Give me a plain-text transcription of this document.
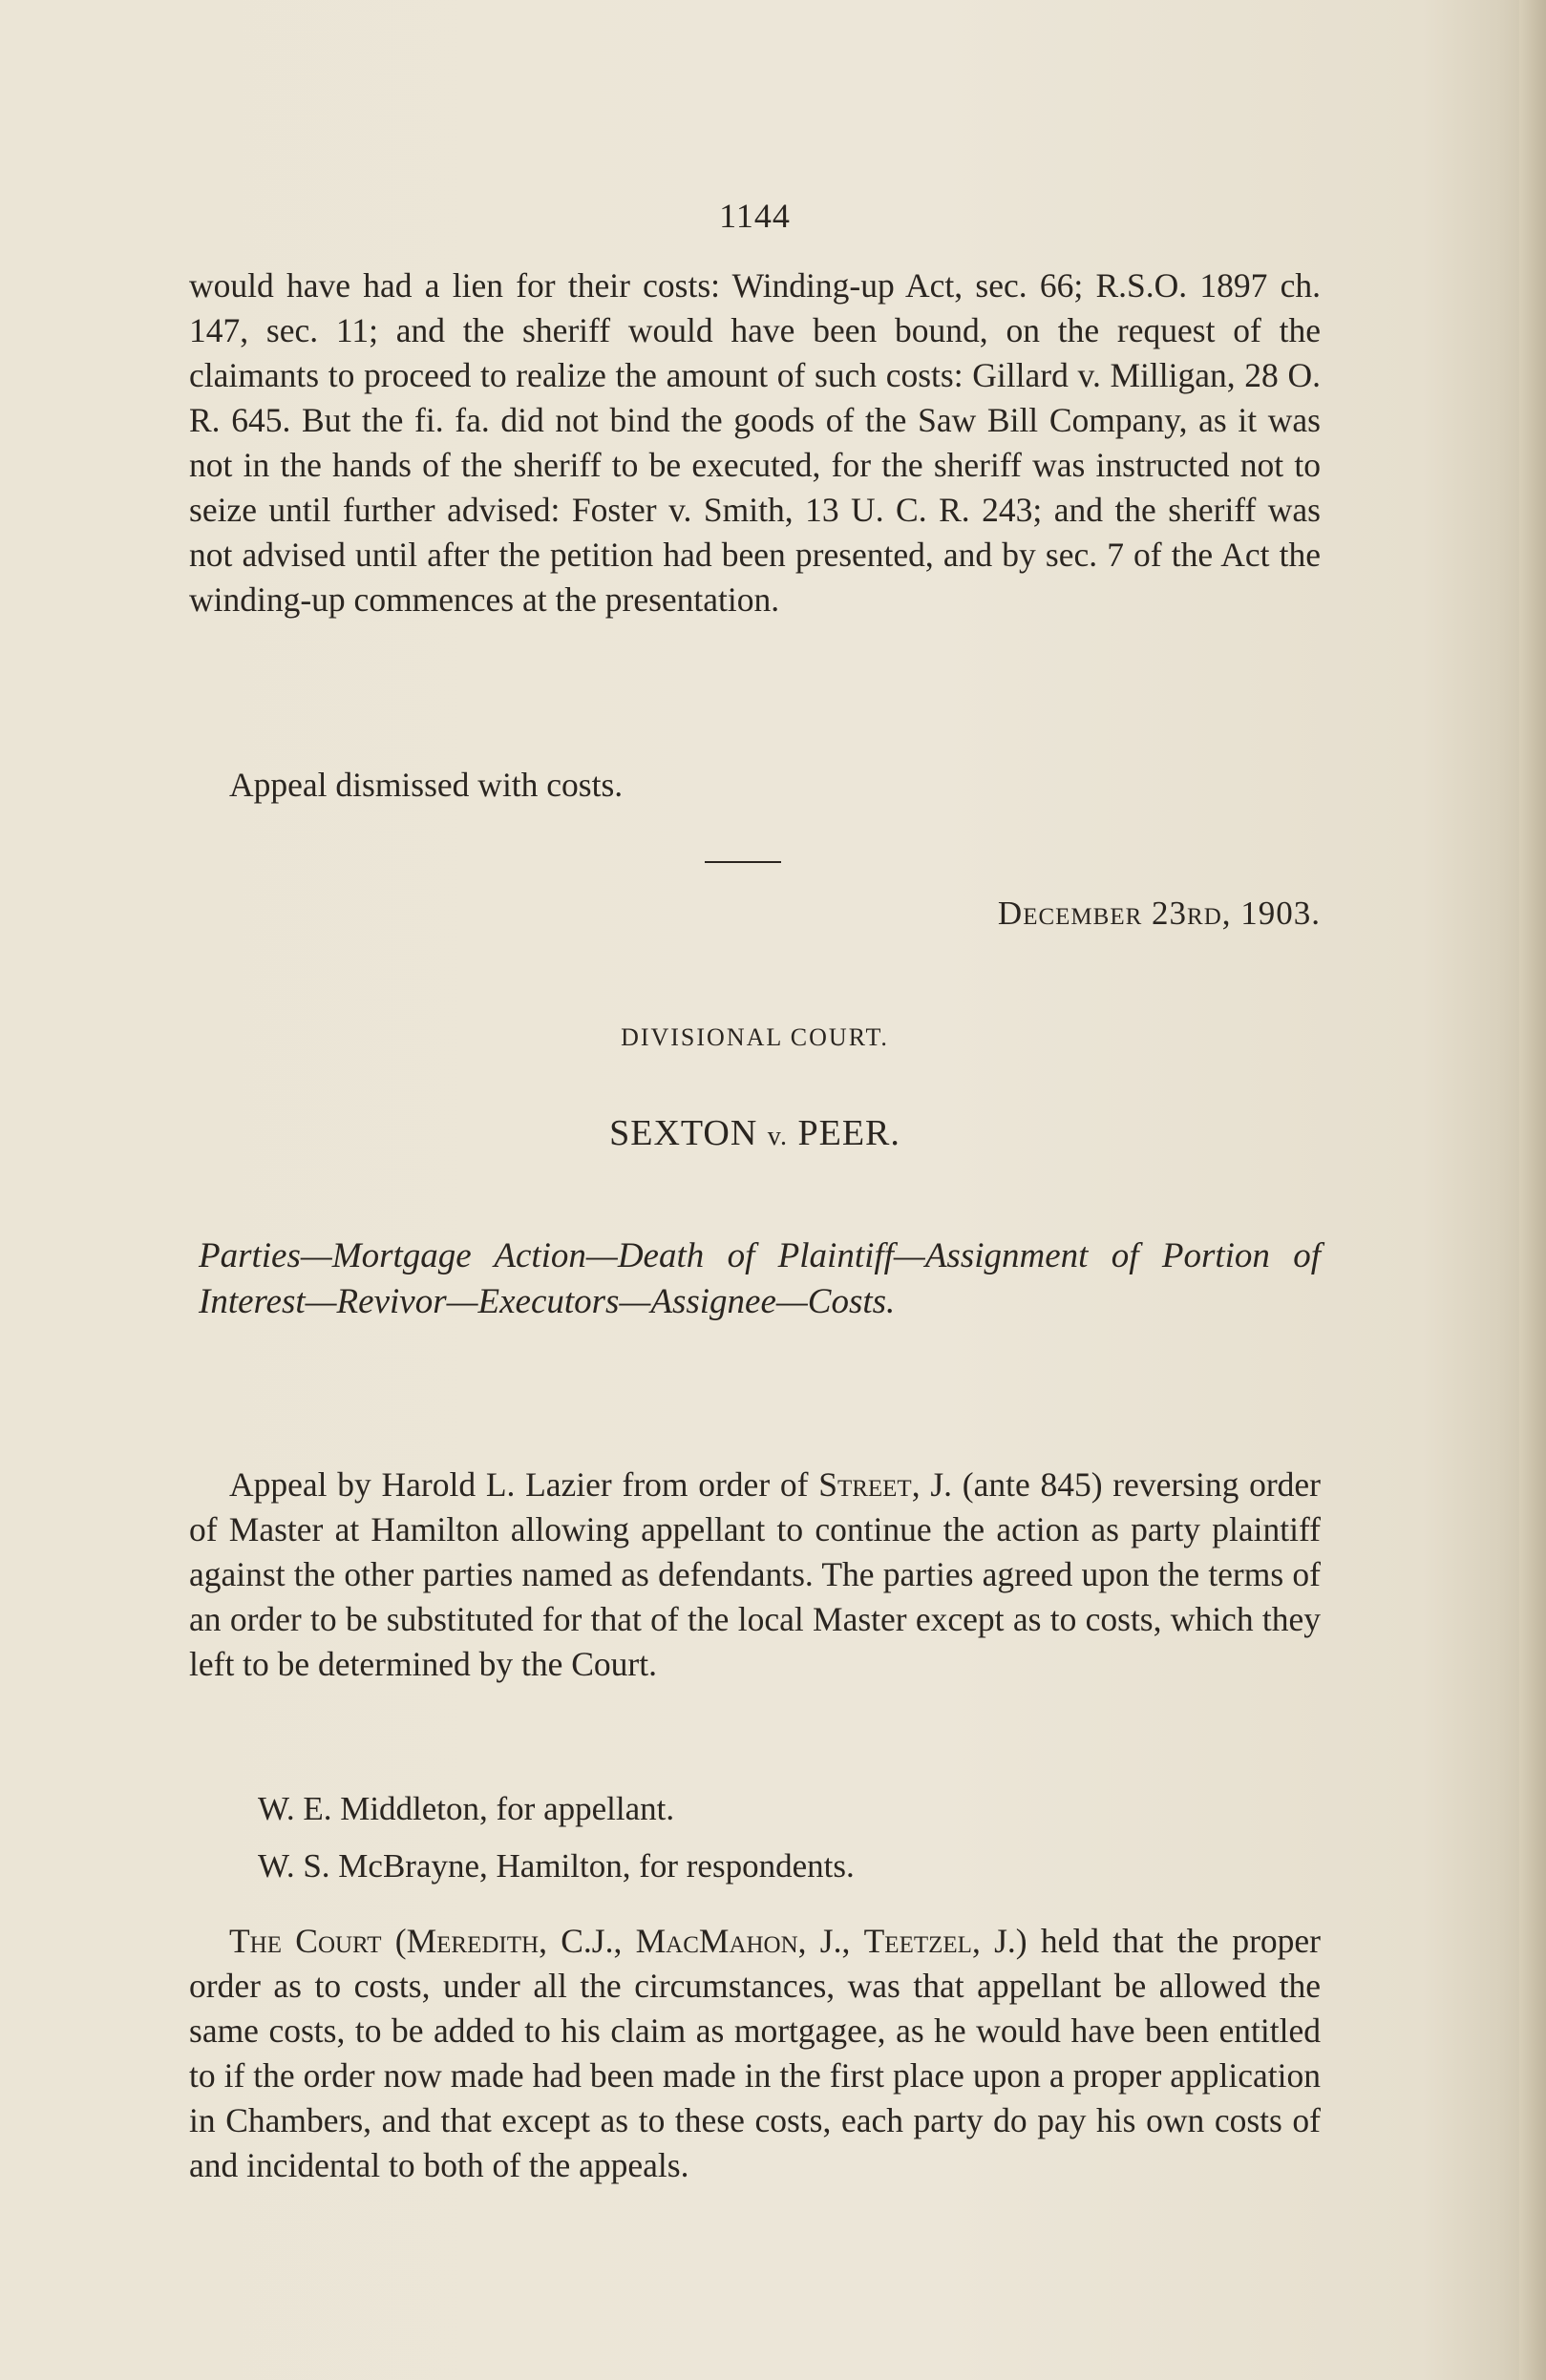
1144
would have had a lien for their costs: Winding-up Act, sec. 66; R.S.O. 1897 ch. 147, sec. 11; and the sheriff would have been bound, on the request of the claimants to proceed to realize the amount of such costs: Gillard v. Milligan, 28 O. R. 645. But the fi. fa. did not bind the goods of the Saw Bill Company, as it was not in the hands of the sheriff to be executed, for the sheriff was instructed not to seize until further advised: Foster v. Smith, 13 U. C. R. 243; and the sheriff was not advised until after the petition had been presented, and by sec. 7 of the Act the winding-up commences at the presentation.
Appeal dismissed with costs.
December 23rd, 1903.
DIVISIONAL COURT.
SEXTON v. PEER.
Parties—Mortgage Action—Death of Plaintiff—Assignment of Portion of Interest—Revivor—Executors—Assignee—Costs.
Appeal by Harold L. Lazier from order of Street, J. (ante 845) reversing order of Master at Hamilton allowing appellant to continue the action as party plaintiff against the other parties named as defendants. The parties agreed upon the terms of an order to be substituted for that of the local Master except as to costs, which they left to be determined by the Court.
W. E. Middleton, for appellant.
W. S. McBrayne, Hamilton, for respondents.
The Court (Meredith, C.J., MacMahon, J., Teetzel, J.) held that the proper order as to costs, under all the circumstances, was that appellant be allowed the same costs, to be added to his claim as mortgagee, as he would have been entitled to if the order now made had been made in the first place upon a proper application in Chambers, and that except as to these costs, each party do pay his own costs of and incidental to both of the appeals.
